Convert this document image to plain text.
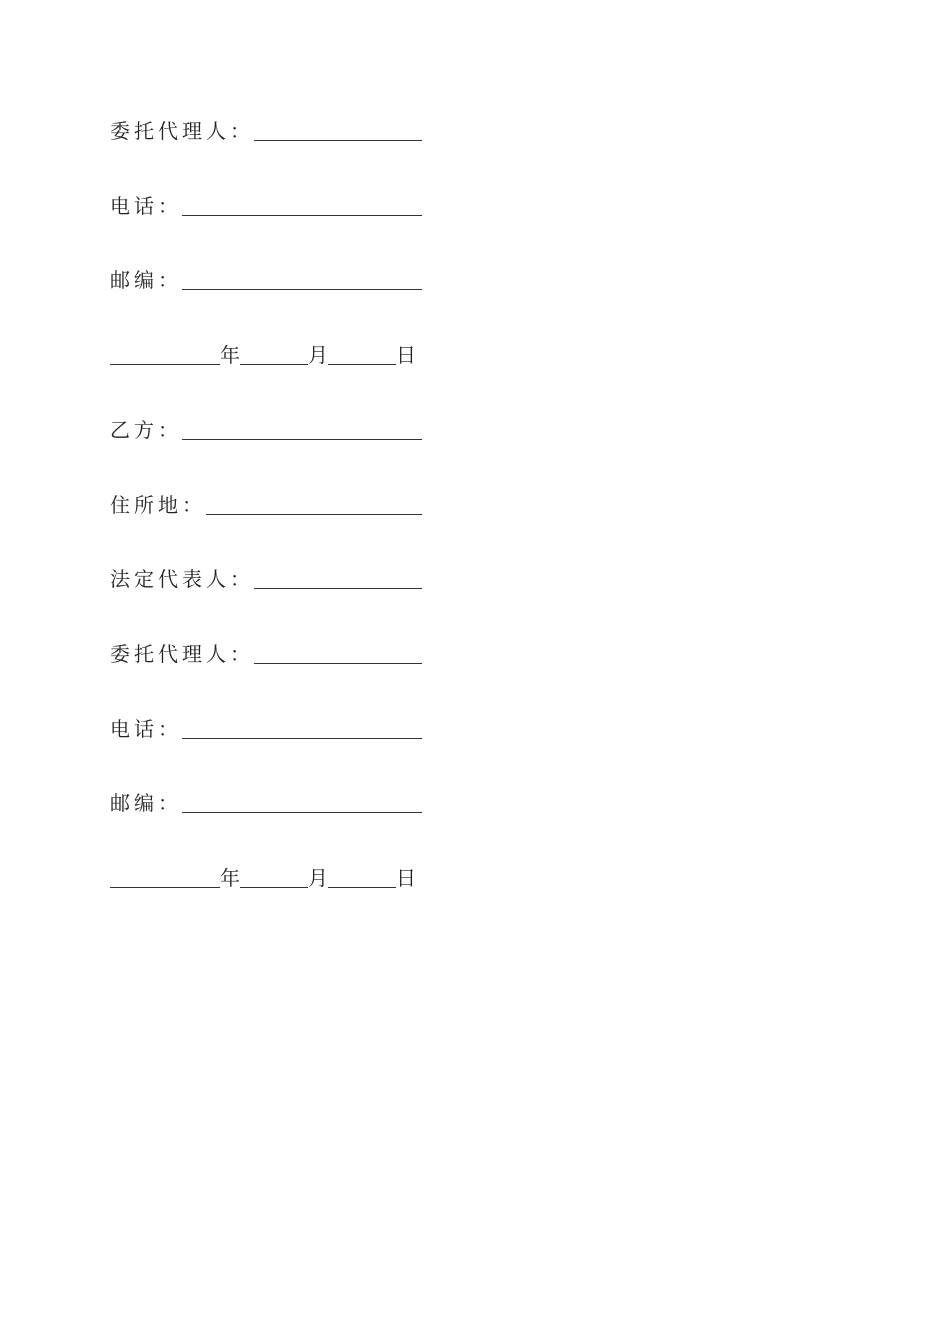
委托代理人：
电话：
邮编：
年	月	日
乙方：
住所地：
法定代表人：
委托代理人：
电话：
邮编：
年	月	日
